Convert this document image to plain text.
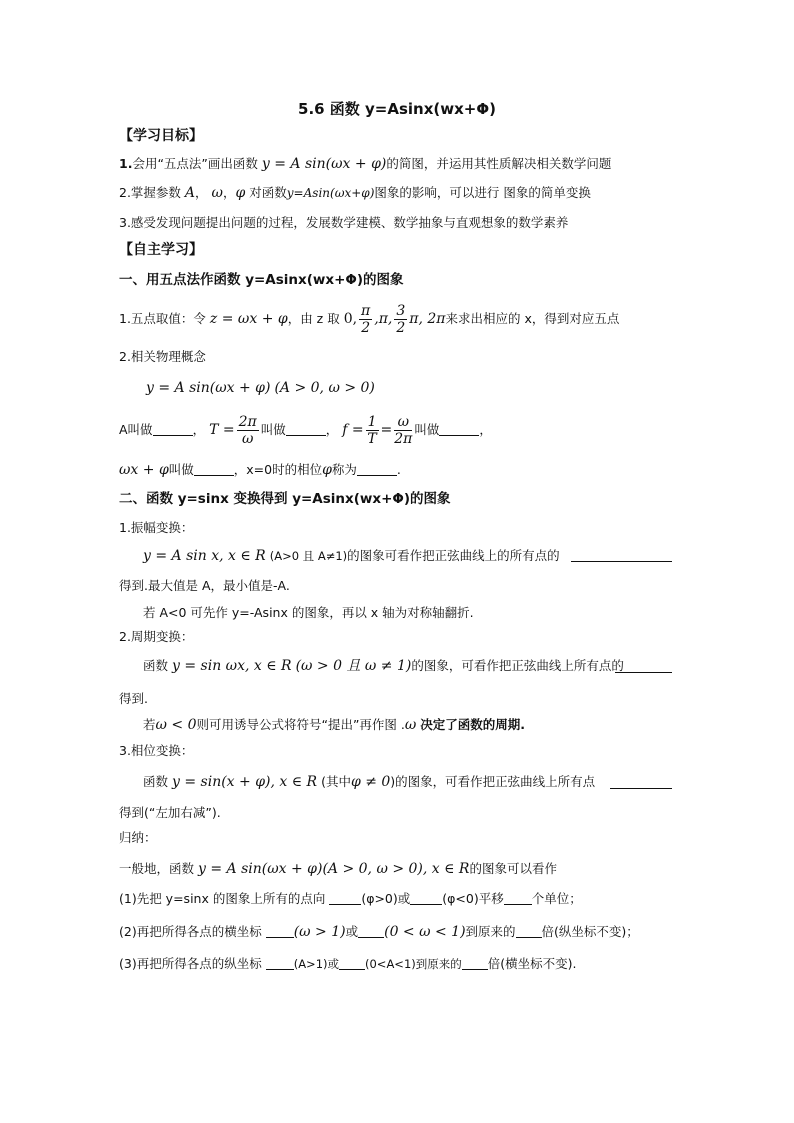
5.6 函数 y=Asinx(wx+Φ)
【学习目标】
1.会用“五点法”画出函数 y = A sin(ωx + φ)的简图，并运用其性质解决相关数学问题
2.掌握参数 A， ω，φ 对函数y=Asin(ωx+φ)图象的影响，可以进行 图象的简单变换
3.感受发现问题提出问题的过程，发展数学建模、数学抽象与直观想象的数学素养
【自主学习】
一、用五点法作函数 y=Asinx(wx+Φ)的图象
1.五点取值：令 z = ωx + φ，由 z 取 0, $\frac{\pi}{2} ,\pi$, $\frac{3}{2} \pi$, 2π来求出相应的 x，得到对应五点
2.相关物理概念
y = A sin(ωx + φ) (A > 0, ω > 0)
A叫做	， $T = \frac{2\pi}{\omega}$ 叫做	， $f = \frac{1}{T} = \frac{\omega}{2\pi}$ 叫做	，
ωx + φ叫做	，x=0时的相位φ称为	.
二、函数 y=sinx 变换得到 y=Asinx(wx+Φ)的图象
1.振幅变换：
y = A sin x, x ∈ R (A>0 且 A≠1)的图象可看作把正弦曲线上的所有点的
得到.最大值是 A，最小值是-A.
若 A<0 可先作 y=-Asinx 的图象，再以 x 轴为对称轴翻折.
2.周期变换：
函数 y = sin ωx, x ∈ R (ω > 0 且 ω ≠ 1)的图象，可看作把正弦曲线上所有点的
得到.
若ω < 0则可用诱导公式将符号“提出”再作图 .ω 决定了函数的周期.
3.相位变换：
函数 y = sin(x + φ), x ∈ R (其中φ ≠ 0)的图象，可看作把正弦曲线上所有点
得到(“左加右减”).
归纳：
一般地，函数 y = A sin(ωx + φ)(A > 0, ω > 0), x ∈ R的图象可以看作
(1)先把 y=sinx 的图象上所有的点向	(φ>0)或	(φ<0)平移 个单位；
(2)再把所得各点的横坐标 (ω > 1)或 (0 < ω < 1)到原来的 倍(纵坐标不变)；
(3)再把所得各点的纵坐标	(A>1)或 (0<A<1)到原来的 倍(横坐标不变).
